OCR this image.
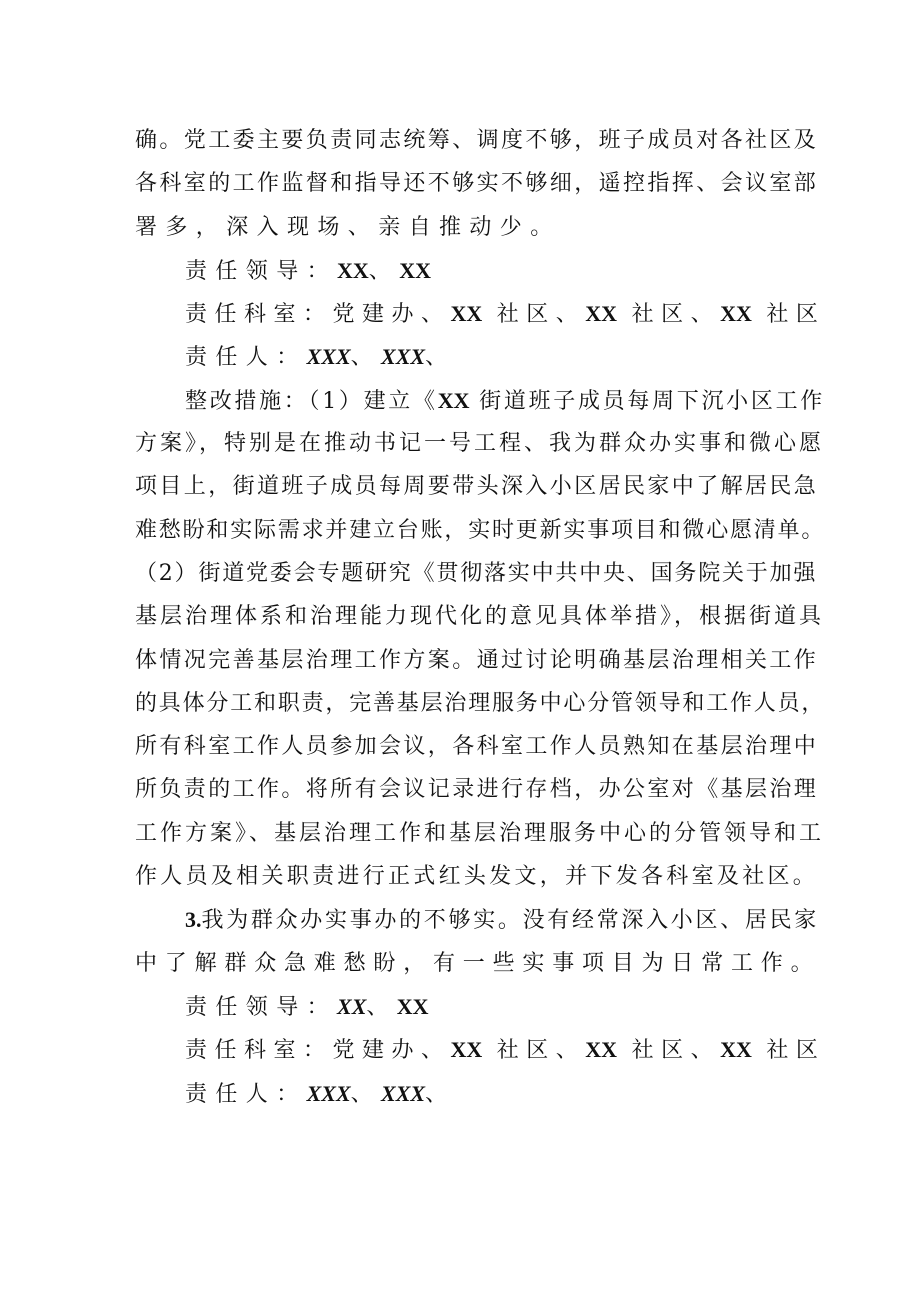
确。党工委主要负责同志统筹、调度不够，班子成员对各社区及
各科室的工作监督和指导还不够实不够细，遥控指挥、会议室部
署多，深入现场、亲自推动少。
责任领导：XX、XX
责任科室：党建办、XX 社区、XX 社区、XX 社区
责任人：XXX、XXX、
整改措施：（1）建立《XX 街道班子成员每周下沉小区工作
方案》，特别是在推动书记一号工程、我为群众办实事和微心愿
项目上，街道班子成员每周要带头深入小区居民家中了解居民急
难愁盼和实际需求并建立台账，实时更新实事项目和微心愿清单。
（2）街道党委会专题研究《贯彻落实中共中央、国务院关于加强
基层治理体系和治理能力现代化的意见具体举措》，根据街道具
体情况完善基层治理工作方案。通过讨论明确基层治理相关工作
的具体分工和职责，完善基层治理服务中心分管领导和工作人员，
所有科室工作人员参加会议，各科室工作人员熟知在基层治理中
所负责的工作。将所有会议记录进行存档，办公室对《基层治理
工作方案》、基层治理工作和基层治理服务中心的分管领导和工
作人员及相关职责进行正式红头发文，并下发各科室及社区。
3.我为群众办实事办的不够实。没有经常深入小区、居民家
中了解群众急难愁盼，有一些实事项目为日常工作。
责任领导：XX、XX
责任科室：党建办、XX 社区、XX 社区、XX 社区
责任人：XXX、XXX、
